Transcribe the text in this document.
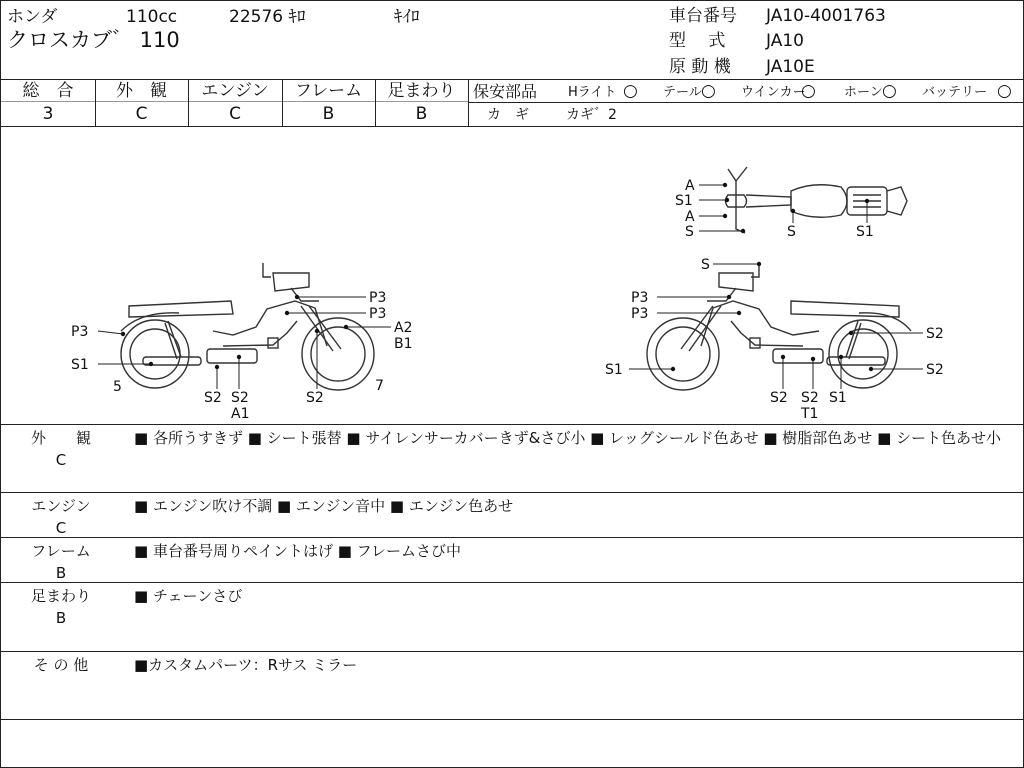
ホンダ	110cc	22576 ｷﾛ	ｷｲﾛ
クロスカブ゛ 110
車台番号 JA10-4001763
型　 式 JA10
原 動 機 JA10E
総　合	外　観	エンジン	フレーム	足まわり
3	C	C	B	B
保安部品 Hライト ○ テール ○ ウインカー
○ ホーン ○ バッテリー ○
カ　ギ	カギ゛2
P3
P3
P3	A2
B1
S1
5
S2 S2
A1
S2
7
S
P3
P3
S2
S1	S2
S2 S2 S1
T1
A
S1
A
S	S	S1
外　　観
C
■ 各所うすきず ■ シート張替 ■ サイレンサーカバーきず&さび小 ■ レッグシールド色あせ ■ 樹脂部色あせ ■ シート色あせ小
エンジン
C
■ エンジン吹け不調 ■ エンジン音中 ■ エンジン色あせ
フレーム
B
■ 車台番号周りペイントはげ ■ フレームさび中
足まわり
B
■ チェーンさび
そ の 他	■カスタムパーツ：Rサス ミラー
